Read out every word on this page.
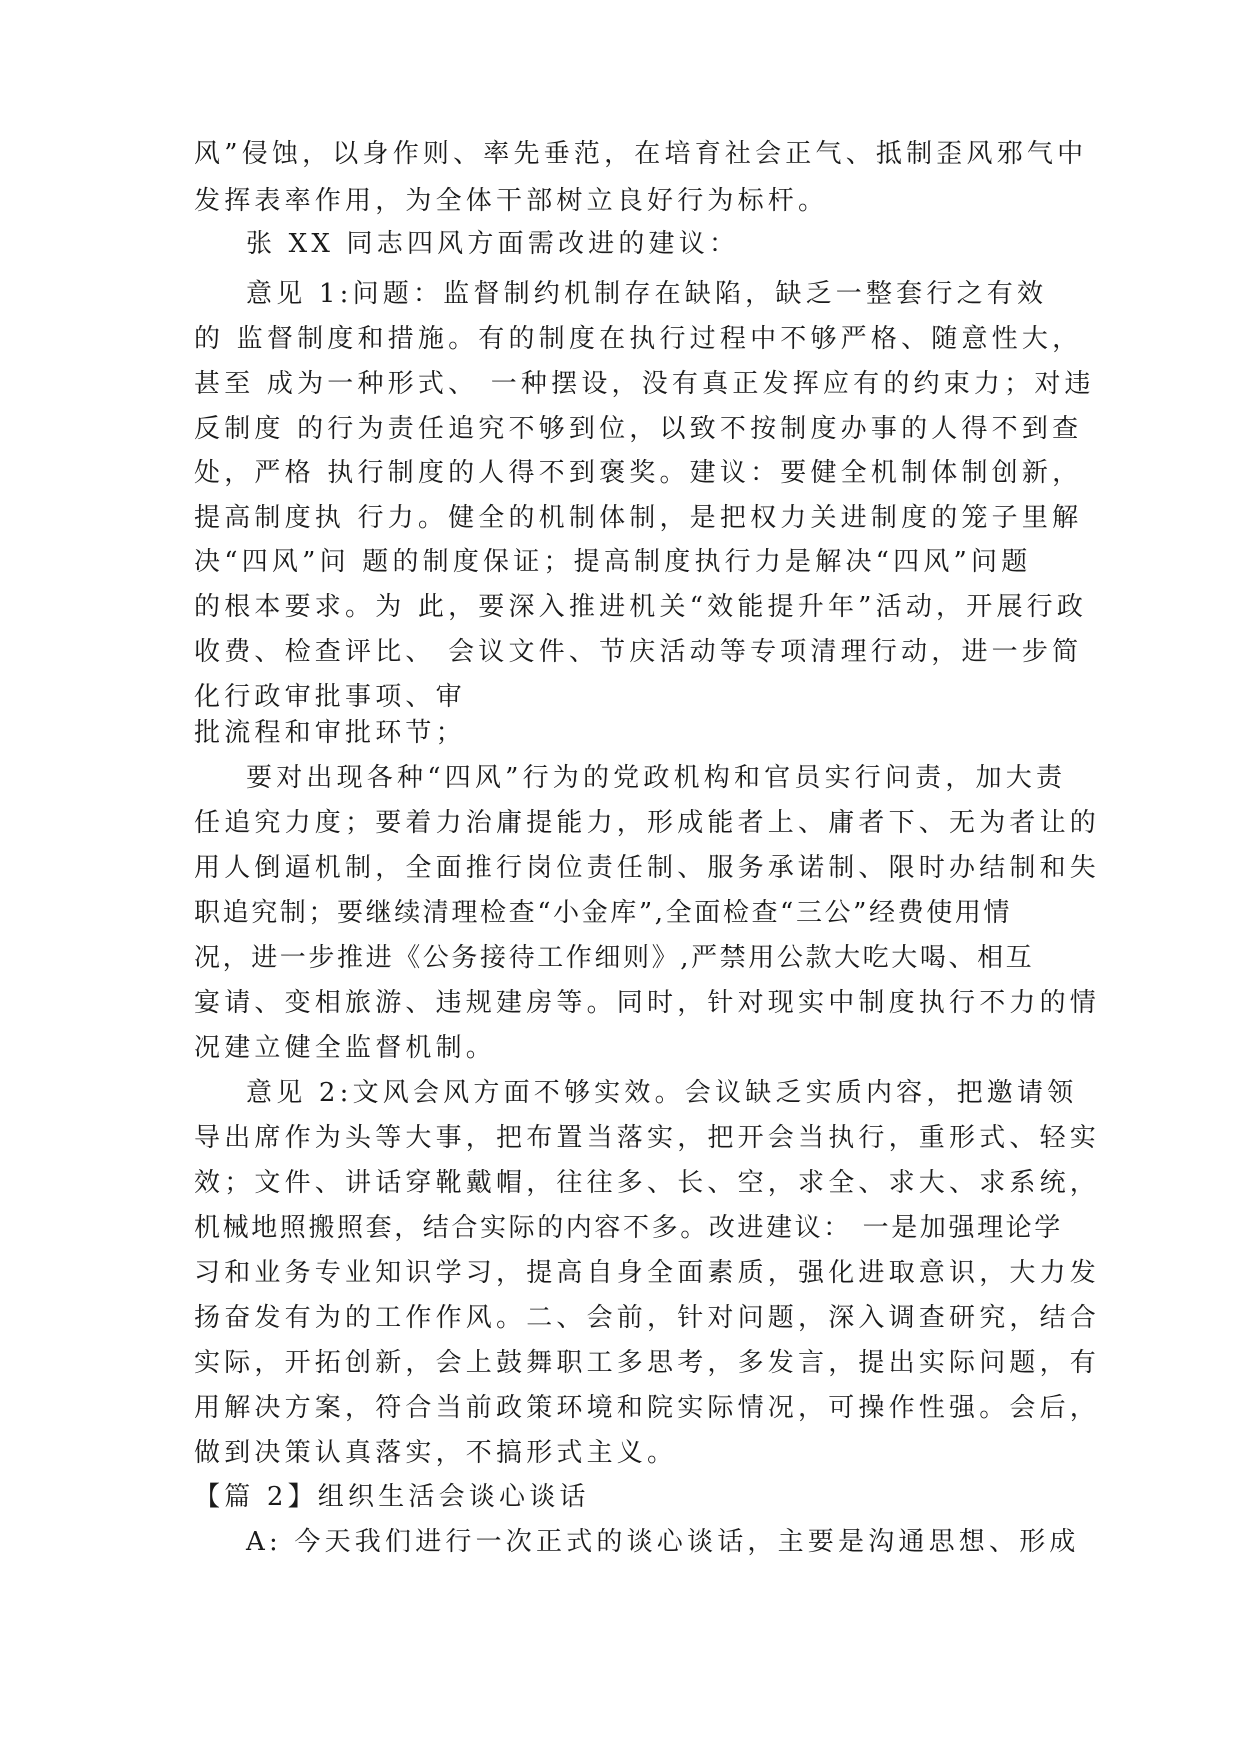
风”侵蚀，以身作则、率先垂范，在培育社会正气、抵制歪风邪气中
发挥表率作用，为全体干部树立良好行为标杆。
张 XX 同志四风方面需改进的建议：
意见 1:问题：监督制约机制存在缺陷，缺乏一整套行之有效
的 监督制度和措施。有的制度在执行过程中不够严格、随意性大，
甚至 成为一种形式、 一种摆设，没有真正发挥应有的约束力；对违
反制度 的行为责任追究不够到位，以致不按制度办事的人得不到查
处，严格 执行制度的人得不到褒奖。建议：要健全机制体制创新，
提高制度执 行力。健全的机制体制，是把权力关进制度的笼子里解
决“四风”问 题的制度保证；提高制度执行力是解决“四风”问题
的根本要求。为 此，要深入推进机关“效能提升年”活动，开展行政
收费、检查评比、 会议文件、节庆活动等专项清理行动，进一步简
化行政审批事项、审
批流程和审批环节；
要对出现各种“四风”行为的党政机构和官员实行问责，加大责
任追究力度；要着力治庸提能力，形成能者上、庸者下、无为者让的
用人倒逼机制，全面推行岗位责任制、服务承诺制、限时办结制和失
职追究制；要继续清理检查“小金库”,全面检查“三公”经费使用情
况，进一步推进《公务接待工作细则》,严禁用公款大吃大喝、相互
宴请、变相旅游、违规建房等。同时，针对现实中制度执行不力的情
况建立健全监督机制。
意见 2:文风会风方面不够实效。会议缺乏实质内容，把邀请领
导出席作为头等大事，把布置当落实，把开会当执行，重形式、轻实
效；文件、讲话穿靴戴帽，往往多、长、空，求全、求大、求系统，
机械地照搬照套，结合实际的内容不多。改进建议： 一是加强理论学
习和业务专业知识学习，提高自身全面素质，强化进取意识，大力发
扬奋发有为的工作作风。二、会前，针对问题，深入调查研究，结合
实际，开拓创新，会上鼓舞职工多思考，多发言，提出实际问题，有
用解决方案，符合当前政策环境和院实际情况，可操作性强。会后，
做到决策认真落实，不搞形式主义。
【篇 2】组织生活会谈心谈话
A: 今天我们进行一次正式的谈心谈话，主要是沟通思想、形成
